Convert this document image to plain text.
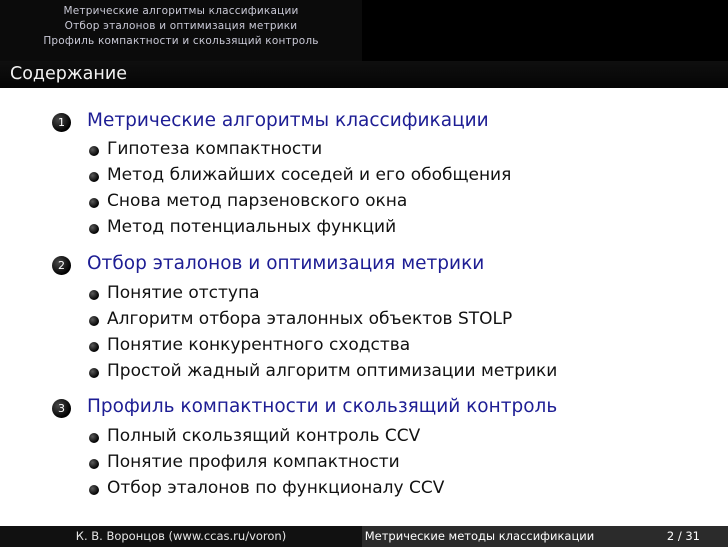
Метрические алгоритмы классификации
Отбор эталонов и оптимизация метрики
Профиль компактности и скользящий контроль
Содержание
1	Метрические алгоритмы классификации
Гипотеза компактности
Метод ближайших соседей и его обобщения
Снова метод парзеновского окна
Метод потенциальных функций
2	Отбор эталонов и оптимизация метрики
Понятие отступа
Алгоритм отбора эталонных объектов STOLP
Понятие конкурентного сходства
Простой жадный алгоритм оптимизации метрики
3	Профиль компактности и скользящий контроль
Полный скользящий контроль CCV
Понятие профиля компактности
Отбор эталонов по функционалу CCV
К. В. Воронцов (www.ccas.ru/voron)	Метрические методы классификации	2 / 31
